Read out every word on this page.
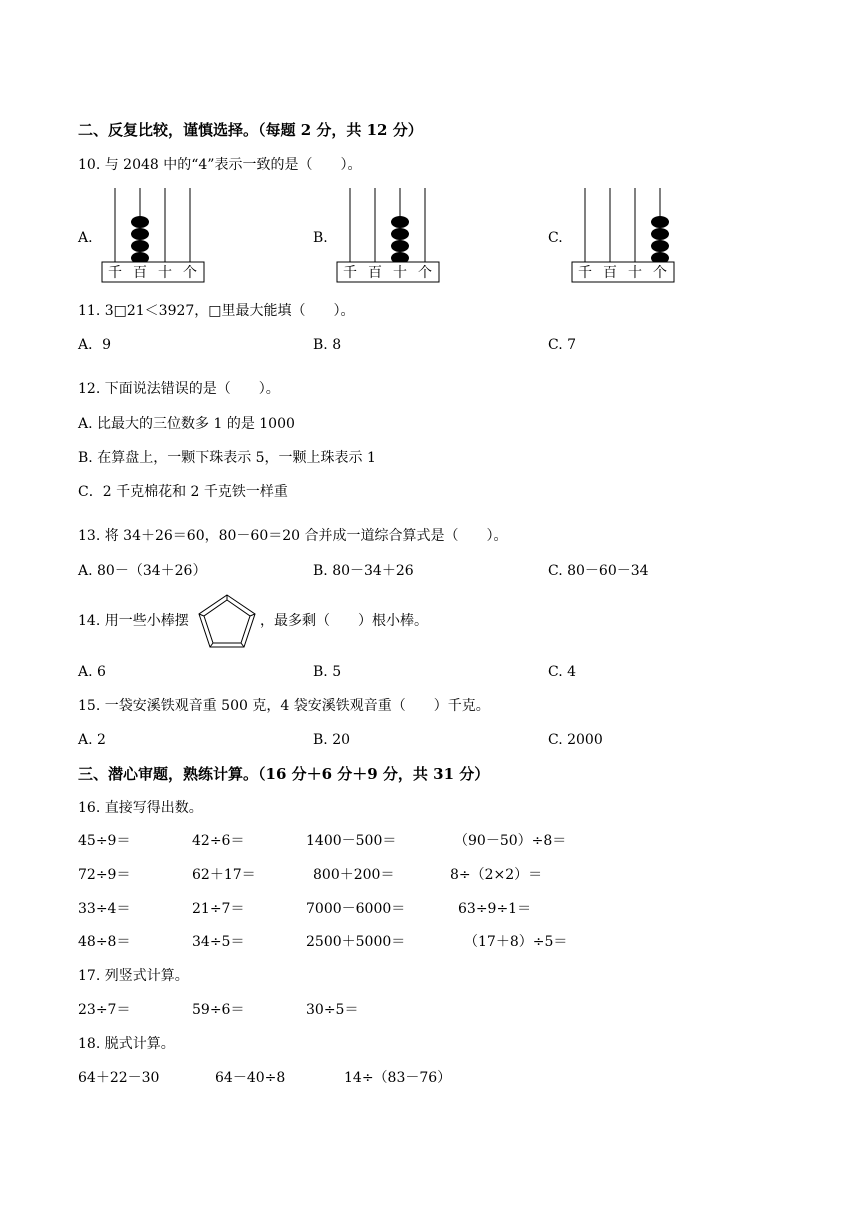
二、反复比较，谨慎选择。（每题 2 分，共 12 分）
10. 与 2048 中的“4”表示一致的是（　　）。
A.
千 百 十 个
B.
千 百 十 个
C.
千 百 十 个
11. 3□21＜3927，□里最大能填（　　）。
A．9	B. 8	C. 7
12. 下面说法错误的是（　　）。
A. 比最大的三位数多 1 的是 1000
B. 在算盘上，一颗下珠表示 5，一颗上珠表示 1
C．2 千克棉花和 2 千克铁一样重
13. 将 34＋26＝60，80－60＝20 合并成一道综合算式是（　　）。
A. 80－（34＋26）	B. 80－34＋26	C. 80－60－34
14. 用一些小棒摆	，最多剩（　　）根小棒。
A. 6	B. 5	C. 4
15. 一袋安溪铁观音重 500 克，4 袋安溪铁观音重（　　）千克。
A. 2	B. 20	C. 2000
三、潜心审题，熟练计算。（16 分＋6 分＋9 分，共 31 分）
16. 直接写得出数。
45÷9＝	42÷6＝	1400－500＝	（90－50）÷8＝
72÷9＝	62＋17＝	800＋200＝	8÷（2×2）＝
33÷4＝	21÷7＝	7000－6000＝	63÷9÷1＝
48÷8＝	34÷5＝	2500＋5000＝	（17＋8）÷5＝
17. 列竖式计算。
23÷7＝	59÷6＝	30÷5＝
18. 脱式计算。
64＋22－30	64－40÷8	14÷（83－76）
